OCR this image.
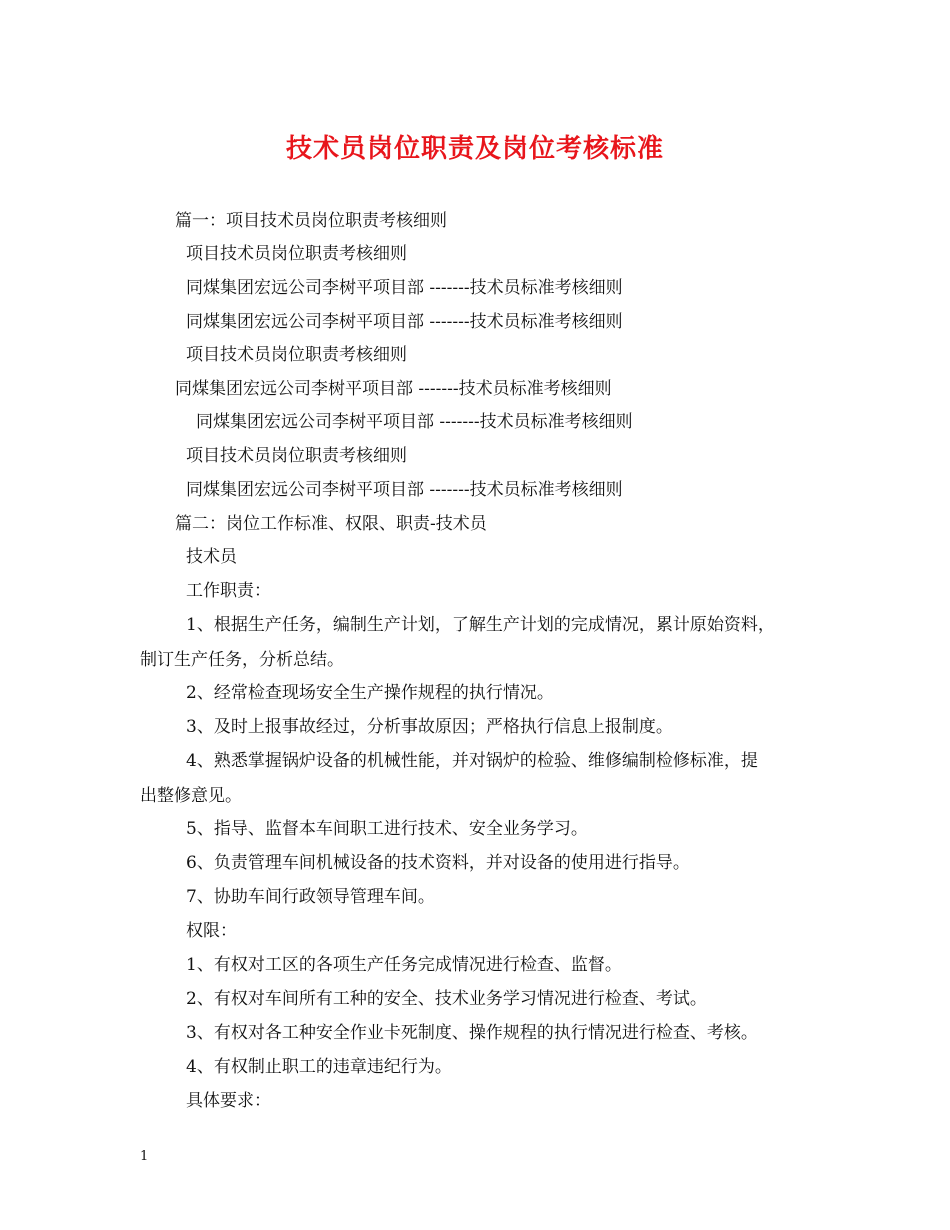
技术员岗位职责及岗位考核标准
篇一：项目技术员岗位职责考核细则
项目技术员岗位职责考核细则
同煤集团宏远公司李树平项目部 -------技术员标准考核细则
同煤集团宏远公司李树平项目部 -------技术员标准考核细则
项目技术员岗位职责考核细则
同煤集团宏远公司李树平项目部 -------技术员标准考核细则
同煤集团宏远公司李树平项目部 -------技术员标准考核细则
项目技术员岗位职责考核细则
同煤集团宏远公司李树平项目部 -------技术员标准考核细则
篇二：岗位工作标准、权限、职责-技术员
技术员
工作职责：
1、根据生产任务，编制生产计划，了解生产计划的完成情况，累计原始资料，
制订生产任务，分析总结。
2、经常检查现场安全生产操作规程的执行情况。
3、及时上报事故经过，分析事故原因；严格执行信息上报制度。
4、熟悉掌握锅炉设备的机械性能，并对锅炉的检验、维修编制检修标准，提
出整修意见。
5、指导、监督本车间职工进行技术、安全业务学习。
6、负责管理车间机械设备的技术资料，并对设备的使用进行指导。
7、协助车间行政领导管理车间。
权限：
1、有权对工区的各项生产任务完成情况进行检查、监督。
2、有权对车间所有工种的安全、技术业务学习情况进行检查、考试。
3、有权对各工种安全作业卡死制度、操作规程的执行情况进行检查、考核。
4、有权制止职工的违章违纪行为。
具体要求：
1
